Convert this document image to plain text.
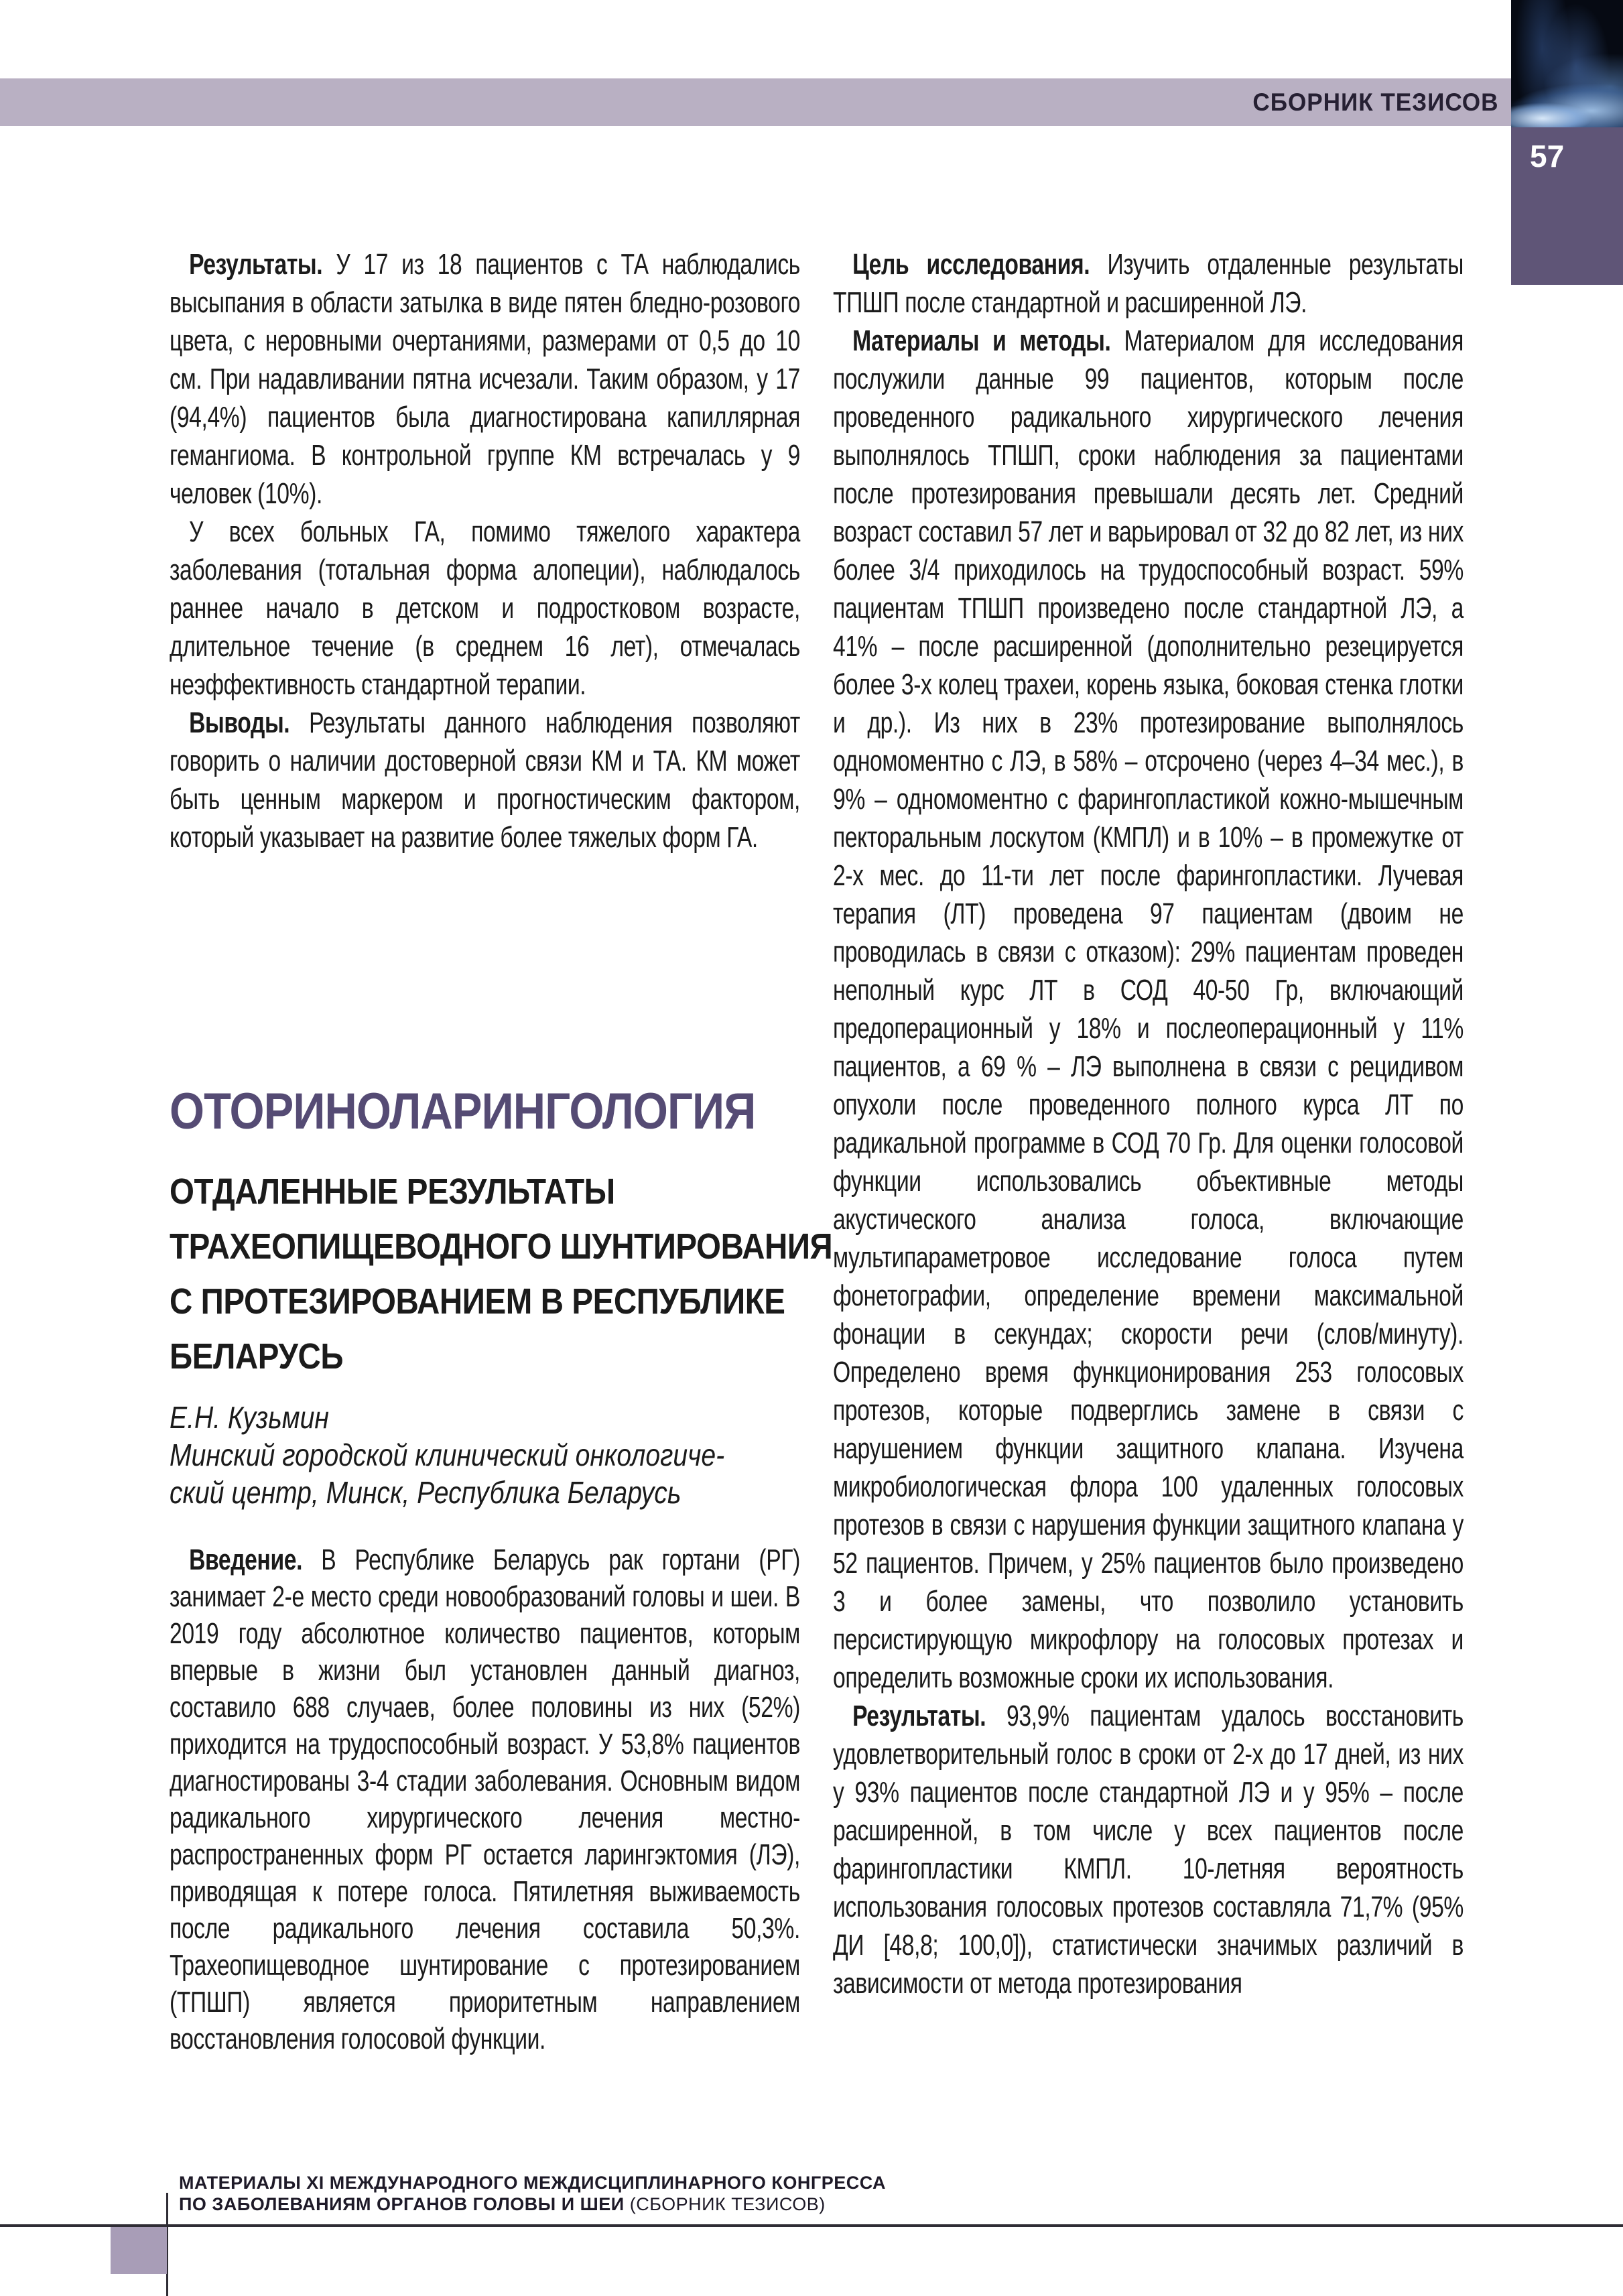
СБОРНИК ТЕЗИСОВ
57

Результаты. У 17 из 18 пациентов с ТА наблюдались высыпания в области затылка в виде пятен бледно-розового цвета, с неровными очертаниями, размерами от 0,5 до 10 см. При надавливании пятна исчезали. Таким образом, у 17 (94,4%) пациентов была диагностирована капиллярная гемангиома. В контрольной группе КМ встречалась у 9 человек (10%).

У всех больных ГА, помимо тяжелого характера заболевания (тотальная форма алопеции), наблюдалось раннее начало в детском и подростковом возрасте, длительное течение (в среднем 16 лет), отмечалась неэффективность стандартной терапии.

Выводы. Результаты данного наблюдения позволяют говорить о наличии достоверной связи КМ и ТА. КМ может быть ценным маркером и прогностическим фактором, который указывает на развитие более тяжелых форм ГА.

ОТОРИНОЛАРИНГОЛОГИЯ
ОТДАЛЕННЫЕ РЕЗУЛЬТАТЫ
ТРАХЕОПИЩЕВОДНОГО ШУНТИРОВАНИЯ
С ПРОТЕЗИРОВАНИЕМ В РЕСПУБЛИКЕ
БЕЛАРУСЬ
Е.Н. Кузьмин
Минский городской клинический онкологиче-
ский центр, Минск, Республика Беларусь

Введение. В Республике Беларусь рак гортани (РГ) занимает 2-е место среди новообразований головы и шеи. В 2019 году абсолютное количество пациентов, которым впервые в жизни был установлен данный диагноз, составило 688 случаев, более половины из них (52%) приходится на трудоспособный возраст. У 53,8% пациентов диагностированы 3-4 стадии заболевания. Основным видом радикального хирургического лечения местно-распространенных форм РГ остается ларингэктомия (ЛЭ), приводящая к потере голоса. Пятилетняя выживаемость после радикального лечения составила 50,3%. Трахеопищеводное шунтирование с протезированием (ТПШП) является приоритетным направлением восстановления голосовой функции.

Цель исследования. Изучить отдаленные результаты ТПШП после стандартной и расширенной ЛЭ.

Материалы и методы. Материалом для исследования послужили данные 99 пациентов, которым после проведенного радикального хирургического лечения выполнялось ТПШП, сроки наблюдения за пациентами после протезирования превышали десять лет. Средний возраст составил 57 лет и варьировал от 32 до 82 лет, из них более 3/4 приходилось на трудоспособный возраст. 59% пациентам ТПШП произведено после стандартной ЛЭ, а 41% – после расширенной (дополнительно резецируется более 3-х колец трахеи, корень языка, боковая стенка глотки и др.). Из них в 23% протезирование выполнялось одномоментно с ЛЭ, в 58% – отсрочено (через 4–34 мес.), в 9% – одномоментно с фарингопластикой кожно-мышечным пекторальным лоскутом (КМПЛ) и в 10% – в промежутке от 2-х мес. до 11-ти лет после фарингопластики. Лучевая терапия (ЛТ) проведена 97 пациентам (двоим не проводилась в связи с отказом): 29% пациентам проведен неполный курс ЛТ в СОД 40-50 Гр, включающий предоперационный у 18% и послеоперационный у 11% пациентов, а 69 % – ЛЭ выполнена в связи с рецидивом опухоли после проведенного полного курса ЛТ по радикальной программе в СОД 70 Гр. Для оценки голосовой функции использовались объективные методы акустического анализа голоса, включающие мультипараметровое исследование голоса путем фонетографии, определение времени максимальной фонации в секундах; скорости речи (слов/минуту). Определено время функционирования 253 голосовых протезов, которые подверглись замене в связи с нарушением функции защитного клапана. Изучена микробиологическая флора 100 удаленных голосовых протезов в связи с нарушения функции защитного клапана у 52 пациентов. Причем, у 25% пациентов было произведено 3 и более замены, что позволило установить персистирующую микрофлору на голосовых протезах и определить возможные сроки их использования.

Результаты. 93,9% пациентам удалось восстановить удовлетворительный голос в сроки от 2-х до 17 дней, из них у 93% пациентов после стандартной ЛЭ и у 95% – после расширенной, в том числе у всех пациентов после фарингопластики КМПЛ. 10-летняя вероятность использования голосовых протезов составляла 71,7% (95% ДИ [48,8; 100,0]), статистически значимых различий в зависимости от метода протезирования

МАТЕРИАЛЫ XI МЕЖДУНАРОДНОГО МЕЖДИСЦИПЛИНАРНОГО КОНГРЕССА
ПО ЗАБОЛЕВАНИЯМ ОРГАНОВ ГОЛОВЫ И ШЕИ (СБОРНИК ТЕЗИСОВ)
